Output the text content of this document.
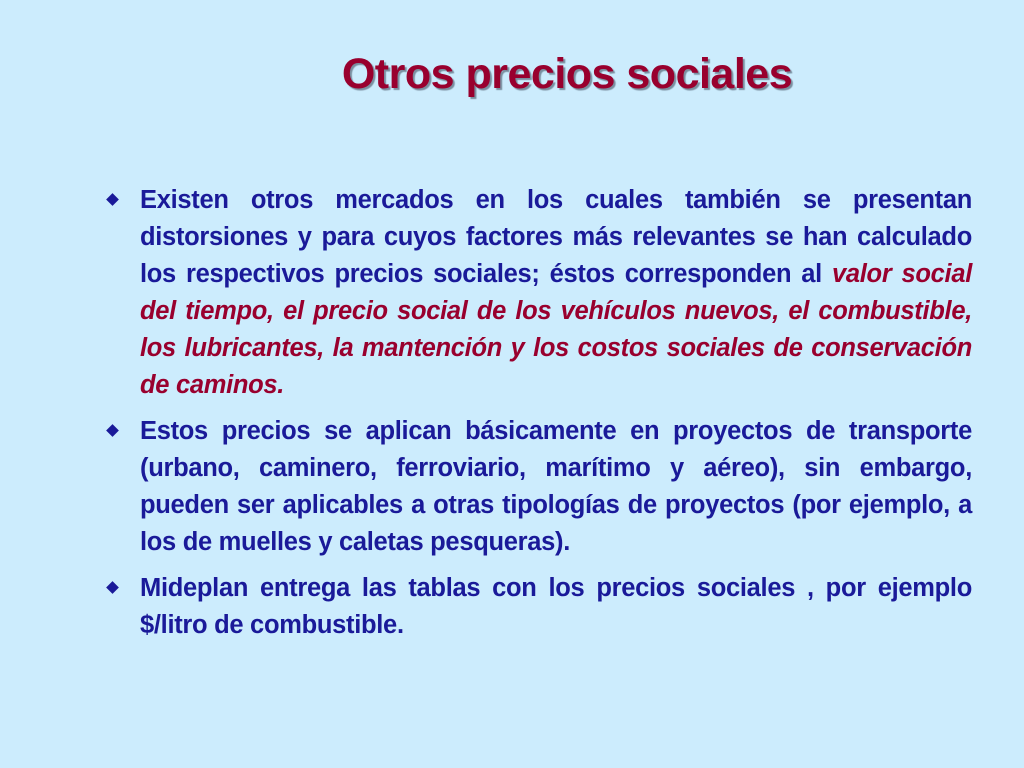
Otros precios sociales
Existen otros mercados en los cuales también se presentan distorsiones y para cuyos factores más relevantes se han calculado los respectivos precios sociales; éstos corresponden al valor social del tiempo, el precio social de los vehículos nuevos, el combustible, los lubricantes, la mantención y los costos sociales de conservación de caminos.
Estos precios se aplican básicamente en proyectos de transporte (urbano, caminero, ferroviario, marítimo y aéreo), sin embargo, pueden ser aplicables a otras tipologías de proyectos (por ejemplo, a los de muelles y caletas pesqueras).
Mideplan entrega las tablas con los precios sociales , por ejemplo $/litro de combustible.
